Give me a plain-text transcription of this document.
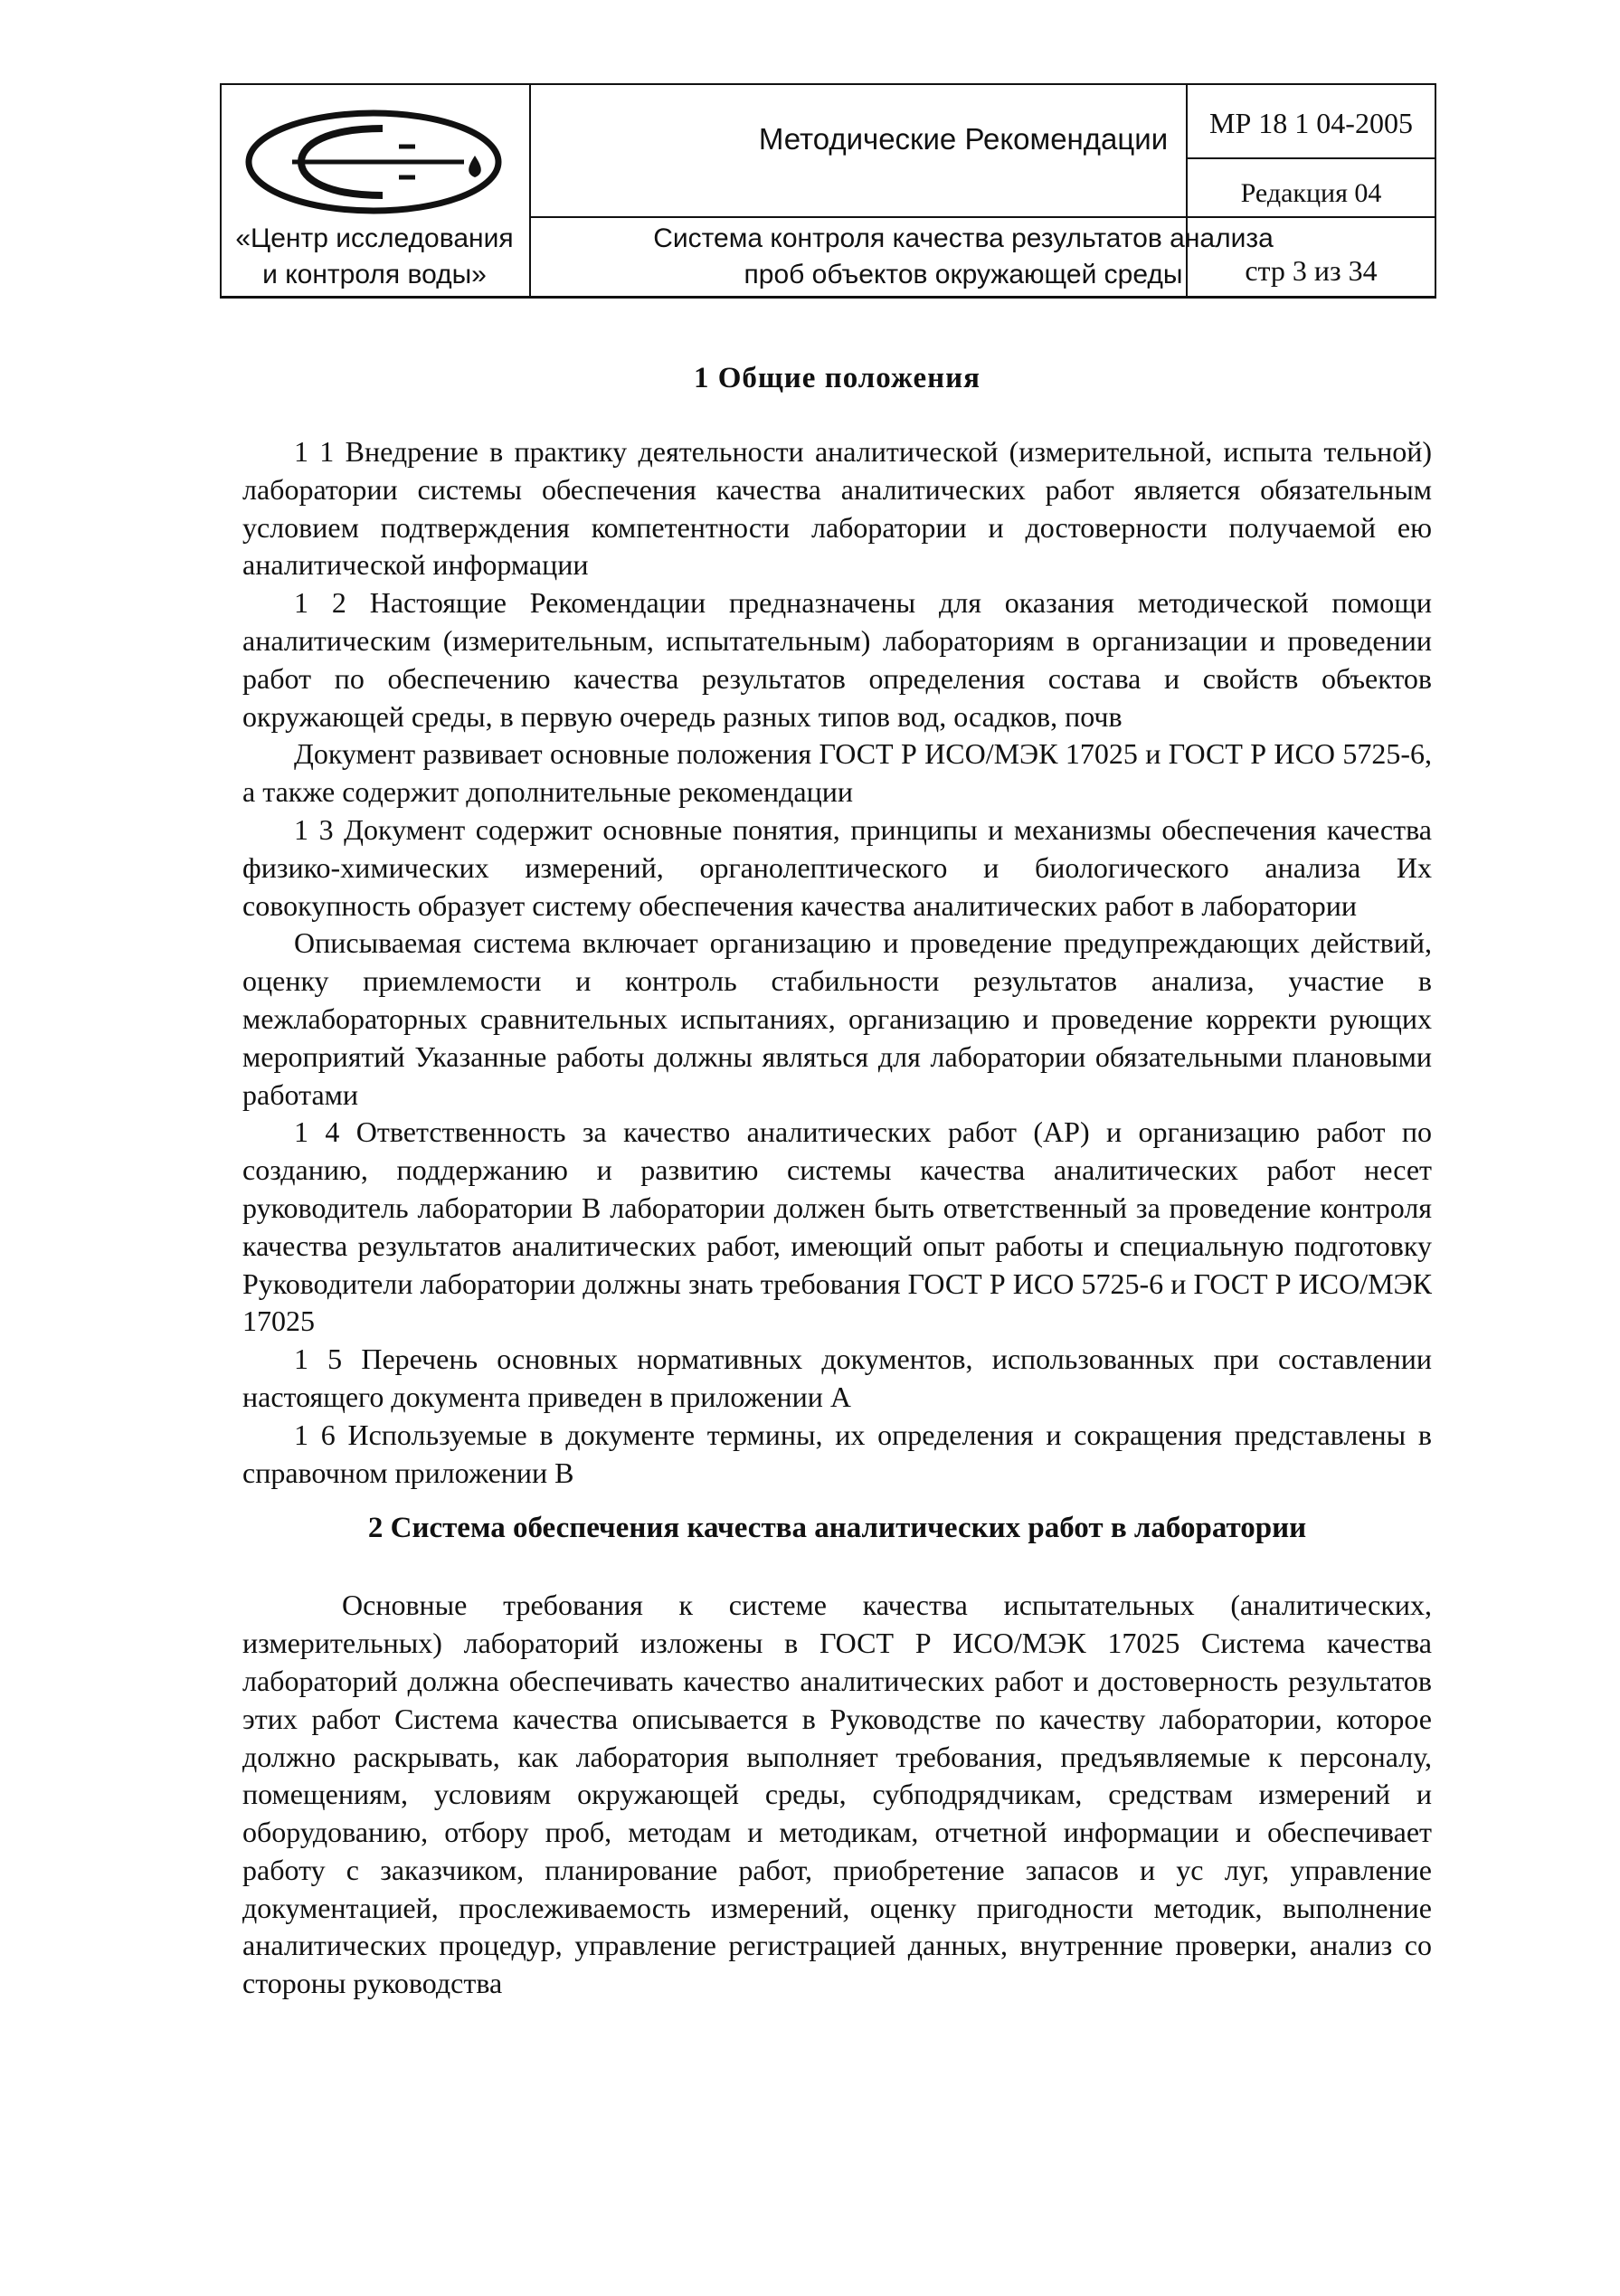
«Центр исследования
и контроля воды»
Методические Рекомендации
Система контроля качества результатов анализа
проб объектов окружающей среды
МР 18 1 04-2005
Редакция 04
стр 3 из 34
1 Общие положения

1 1 Внедрение в практику деятельности аналитической (измерительной, испыта тельной) лаборатории системы обеспечения качества аналитических работ является обязательным условием подтверждения компетентности лаборатории и достоверности получаемой ею аналитической информации

1 2 Настоящие Рекомендации предназначены для оказания методической помощи аналитическим (измерительным, испытательным) лабораториям в организации и проведении работ по обеспечению качества результатов определения состава и свойств объектов окружающей среды, в первую очередь разных типов вод, осадков, почв

Документ развивает основные положения ГОСТ Р ИСО/МЭК 17025 и ГОСТ Р ИСО 5725-6, а также содержит дополнительные рекомендации

1 3 Документ содержит основные понятия, принципы и механизмы обеспечения качества физико-химических измерений, органолептического и биологического анализа Их совокупность образует систему обеспечения качества аналитических работ в лаборатории

Описываемая система включает организацию и проведение предупреждающих действий, оценку приемлемости и контроль стабильности результатов анализа, участие в межлабораторных сравнительных испытаниях, организацию и проведение корректи рующих мероприятий Указанные работы должны являться для лаборатории обязательными плановыми работами

1 4 Ответственность за качество аналитических работ (АР) и организацию работ по созданию, поддержанию и развитию системы качества аналитических работ несет руководитель лаборатории В лаборатории должен быть ответственный за проведение контроля качества результатов аналитических работ, имеющий опыт работы и специальную подготовку Руководители лаборатории должны знать требования ГОСТ Р ИСО 5725-6 и ГОСТ Р ИСО/МЭК 17025

1 5 Перечень основных нормативных документов, использованных при составлении настоящего документа приведен в приложении А

1 6 Используемые в документе термины, их определения и сокращения представлены в справочном приложении В

2 Система обеспечения качества аналитических работ в лаборатории

Основные требования к системе качества испытательных (аналитических, измерительных) лабораторий изложены в ГОСТ Р ИСО/МЭК 17025 Система качества лабораторий должна обеспечивать качество аналитических работ и достоверность результатов этих работ Система качества описывается в Руководстве по качеству лаборатории, которое должно раскрывать, как лаборатория выполняет требования, предъявляемые к персоналу, помещениям, условиям окружающей среды, субподрядчикам, средствам измерений и оборудованию, отбору проб, методам и методикам, отчетной информации и обеспечивает работу с заказчиком, планирование работ, приобретение запасов и ус луг, управление документацией, прослеживаемость измерений, оценку пригодности методик, выполнение аналитических процедур, управление регистрацией данных, внутренние проверки, анализ со стороны руководства
